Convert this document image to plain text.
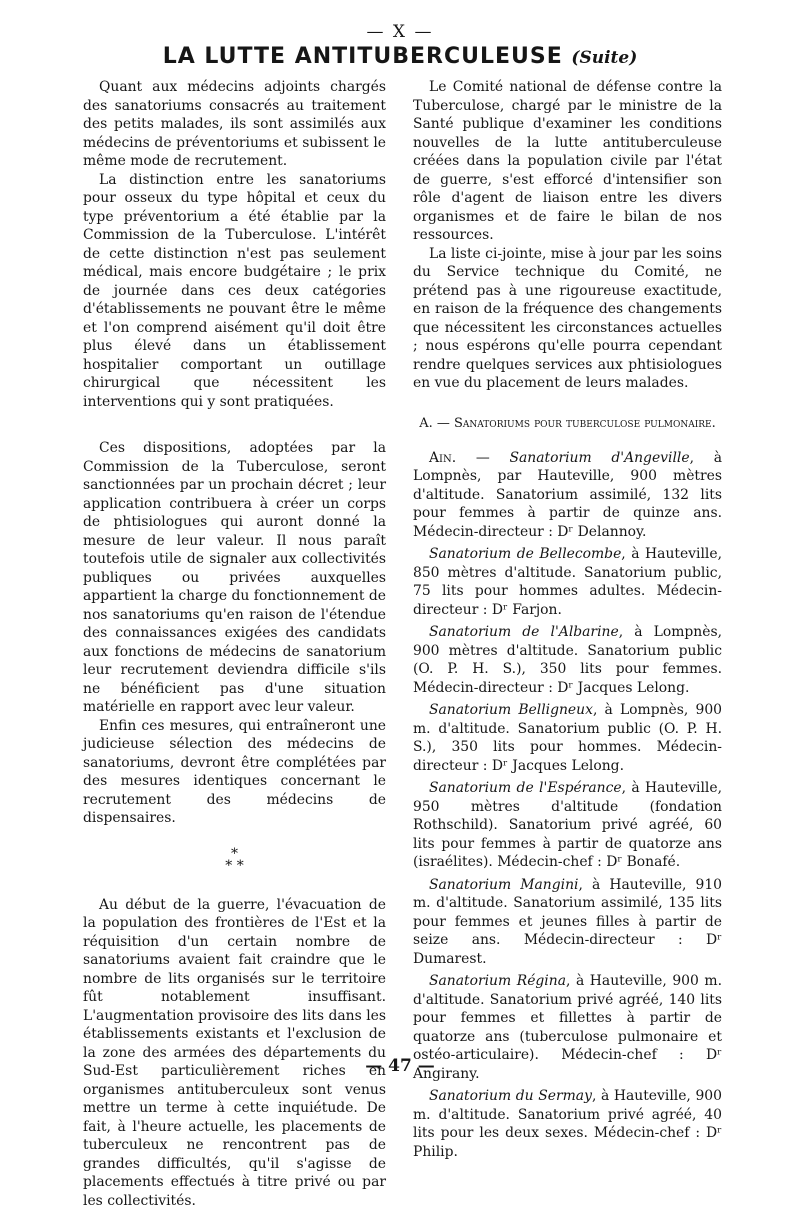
— X —
LA LUTTE ANTITUBERCULEUSE (Suite)

Quant aux médecins adjoints chargés des sanatoriums consacrés au traitement des petits malades, ils sont assimilés aux médecins de préventoriums et subissent le même mode de recrutement.

La distinction entre les sanatoriums pour osseux du type hôpital et ceux du type préventorium a été établie par la Commission de la Tuberculose. L'intérêt de cette distinction n'est pas seulement médical, mais encore budgétaire ; le prix de journée dans ces deux catégories d'établissements ne pouvant être le même et l'on comprend aisément qu'il doit être plus élevé dans un établissement hospitalier comportant un outillage chirurgical que nécessitent les interventions qui y sont pratiquées.

Ces dispositions, adoptées par la Commission de la Tuberculose, seront sanctionnées par un prochain décret ; leur application contribuera à créer un corps de phtisiologues qui auront donné la mesure de leur valeur. Il nous paraît toutefois utile de signaler aux collectivités publiques ou privées auxquelles appartient la charge du fonctionnement de nos sanatoriums qu'en raison de l'étendue des connaissances exigées des candidats aux fonctions de médecins de sanatorium leur recrutement deviendra difficile s'ils ne bénéficient pas d'une situation matérielle en rapport avec leur valeur.

Enfin ces mesures, qui entraîneront une judicieuse sélection des médecins de sanatoriums, devront être complétées par des mesures identiques concernant le recrutement des médecins de dispensaires.

*
* *

Au début de la guerre, l'évacuation de la population des frontières de l'Est et la réquisition d'un certain nombre de sanatoriums avaient fait craindre que le nombre de lits organisés sur le territoire fût notablement insuffisant. L'augmentation provisoire des lits dans les établissements existants et l'exclusion de la zone des armées des départements du Sud-Est particulièrement riches en organismes antituberculeux sont venus mettre un terme à cette inquiétude. De fait, à l'heure actuelle, les placements de tuberculeux ne rencontrent pas de grandes difficultés, qu'il s'agisse de placements effectués à titre privé ou par les collectivités.

Le Comité national de défense contre la Tuberculose, chargé par le ministre de la Santé publique d'examiner les conditions nouvelles de la lutte antituberculeuse créées dans la population civile par l'état de guerre, s'est efforcé d'intensifier son rôle d'agent de liaison entre les divers organismes et de faire le bilan de nos ressources.

La liste ci-jointe, mise à jour par les soins du Service technique du Comité, ne prétend pas à une rigoureuse exactitude, en raison de la fréquence des changements que nécessitent les circonstances actuelles ; nous espérons qu'elle pourra cependant rendre quelques services aux phtisiologues en vue du placement de leurs malades.

A. — Sanatoriums pour tuberculose pulmonaire.

Ain. — Sanatorium d'Angeville, à Lompnès, par Hauteville, 900 mètres d'altitude. Sanatorium assimilé, 132 lits pour femmes à partir de quinze ans. Médecin-directeur : Dʳ Delannoy.

Sanatorium de Bellecombe, à Hauteville, 850 mètres d'altitude. Sanatorium public, 75 lits pour hommes adultes. Médecin-directeur : Dʳ Farjon.

Sanatorium de l'Albarine, à Lompnès, 900 mètres d'altitude. Sanatorium public (O. P. H. S.), 350 lits pour femmes. Médecin-directeur : Dʳ Jacques Lelong.

Sanatorium Belligneux, à Lompnès, 900 m. d'altitude. Sanatorium public (O. P. H. S.), 350 lits pour hommes. Médecin-directeur : Dʳ Jacques Lelong.

Sanatorium de l'Espérance, à Hauteville, 950 mètres d'altitude (fondation Rothschild). Sanatorium privé agréé, 60 lits pour femmes à partir de quatorze ans (israélites). Médecin-chef : Dʳ Bonafé.

Sanatorium Mangini, à Hauteville, 910 m. d'altitude. Sanatorium assimilé, 135 lits pour femmes et jeunes filles à partir de seize ans. Médecin-directeur : Dʳ Dumarest.

Sanatorium Régina, à Hauteville, 900 m. d'altitude. Sanatorium privé agréé, 140 lits pour femmes et fillettes à partir de quatorze ans (tuberculose pulmonaire et ostéo-articulaire). Médecin-chef : Dʳ Angirany.

Sanatorium du Sermay, à Hauteville, 900 m. d'altitude. Sanatorium privé agréé, 40 lits pour les deux sexes. Médecin-chef : Dʳ Philip.

— 47 —
